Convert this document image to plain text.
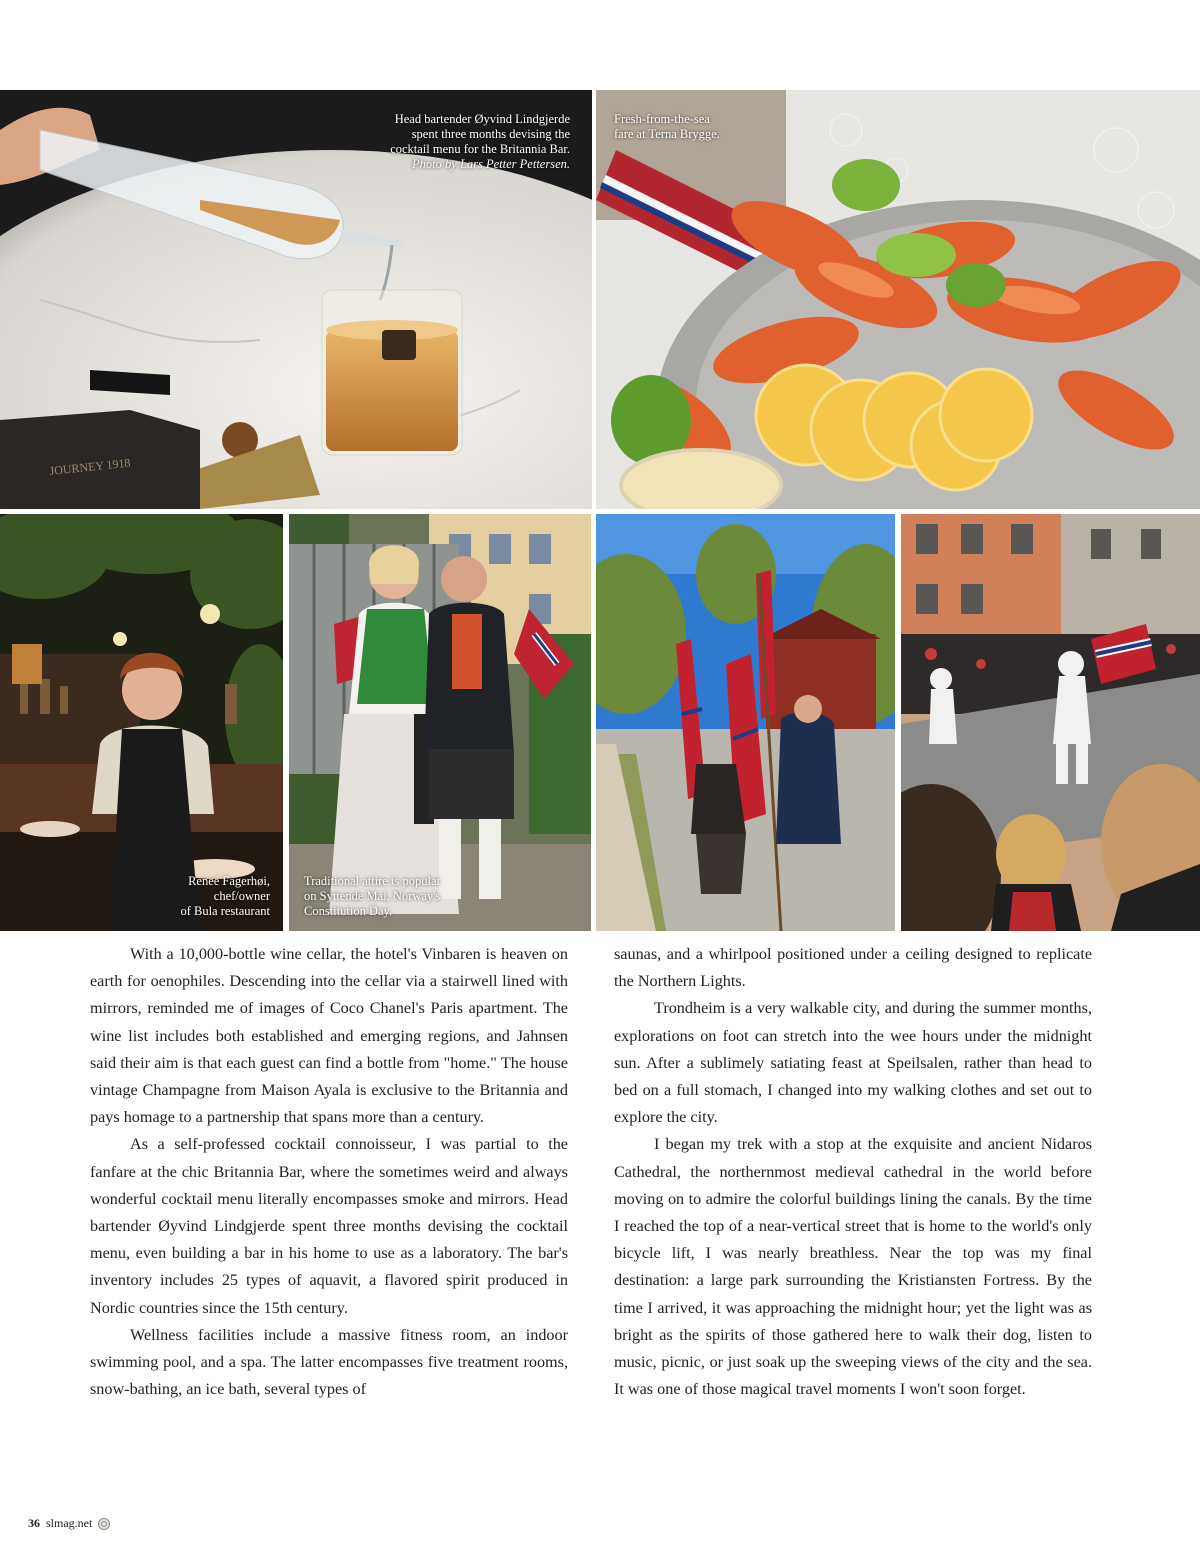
JOURNEY 1918
Head bartender Øyvind Lindgjerde
spent three months devising the
cocktail menu for the Britannia Bar.
Photo by Lars Petter Pettersen.
Fresh-from-the-sea
fare at Terna Brygge.
Reneé Fagerhøi,
chef/owner
of Bula restaurant
Traditional attire is popular
on Syttende Mai, Norway's
Constitution Day.

With a 10,000-bottle wine cellar, the hotel's Vinbaren is heaven on earth for oenophiles. Descending into the cellar via a stairwell lined with mirrors, reminded me of images of Coco Chanel's Paris apartment. The wine list includes both established and emerging regions, and Jahnsen said their aim is that each guest can find a bottle from "home." The house vintage Champagne from Maison Ayala is exclusive to the Britannia and pays homage to a partnership that spans more than a century.

As a self-professed cocktail connoisseur, I was partial to the fanfare at the chic Britannia Bar, where the sometimes weird and always wonderful cocktail menu literally encompasses smoke and mirrors. Head bartender Øyvind Lindgjerde spent three months devising the cocktail menu, even building a bar in his home to use as a laboratory. The bar's inventory includes 25 types of aquavit, a flavored spirit produced in Nordic countries since the 15th century.

Wellness facilities include a massive fitness room, an indoor swimming pool, and a spa. The latter encompasses five treatment rooms, snow-bathing, an ice bath, several types of

saunas, and a whirlpool positioned under a ceiling designed to replicate the Northern Lights.

Trondheim is a very walkable city, and during the summer months, explorations on foot can stretch into the wee hours under the midnight sun. After a sublimely satiating feast at Speilsalen, rather than head to bed on a full stomach, I changed into my walking clothes and set out to explore the city.

I began my trek with a stop at the exquisite and ancient Nidaros Cathedral, the northernmost medieval cathedral in the world before moving on to admire the colorful buildings lining the canals. By the time I reached the top of a near-vertical street that is home to the world's only bicycle lift, I was nearly breathless. Near the top was my final destination: a large park surrounding the Kristiansten Fortress. By the time I arrived, it was approaching the midnight hour; yet the light was as bright as the spirits of those gathered here to walk their dog, listen to music, picnic, or just soak up the sweeping views of the city and the sea. It was one of those magical travel moments I won't soon forget.

36 slmag.net
